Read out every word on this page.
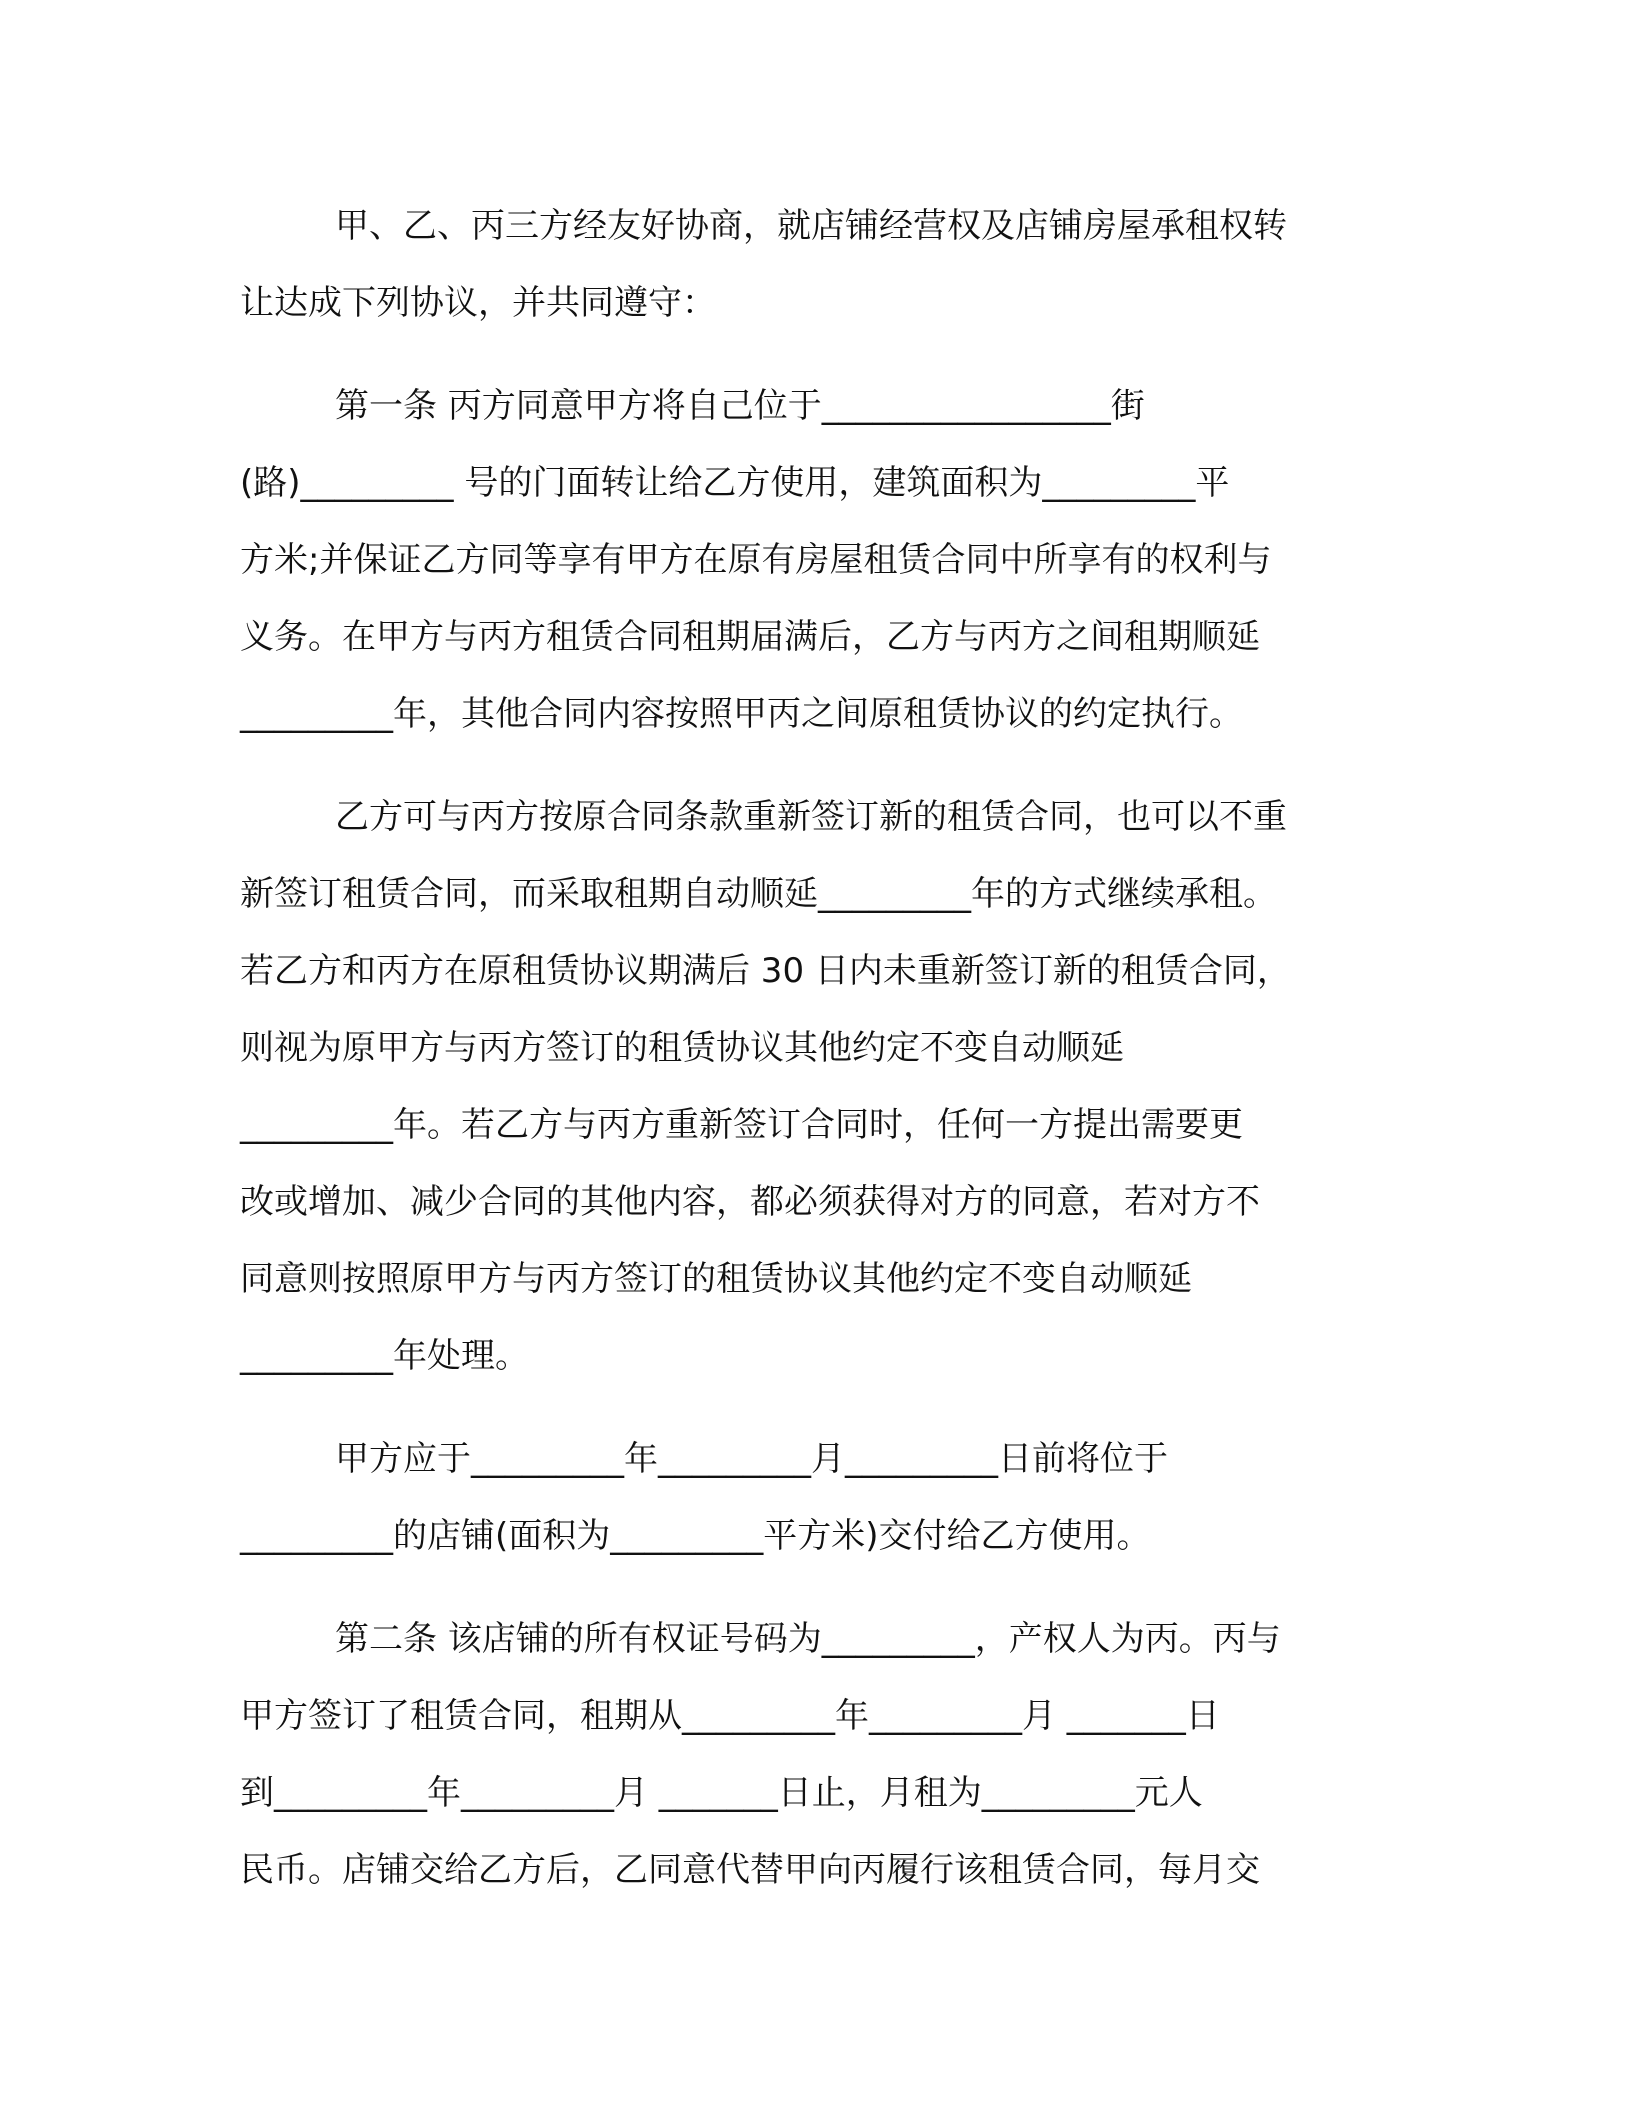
甲、乙、丙三方经友好协商，就店铺经营权及店铺房屋承租权转
让达成下列协议，并共同遵守：
第一条 丙方同意甲方将自己位于_________________街
(路)_________ 号的门面转让给乙方使用，建筑面积为_________平
方米;并保证乙方同等享有甲方在原有房屋租赁合同中所享有的权利与
义务。在甲方与丙方租赁合同租期届满后，乙方与丙方之间租期顺延
_________年，其他合同内容按照甲丙之间原租赁协议的约定执行。
乙方可与丙方按原合同条款重新签订新的租赁合同，也可以不重
新签订租赁合同，而采取租期自动顺延_________年的方式继续承租。
若乙方和丙方在原租赁协议期满后 30 日内未重新签订新的租赁合同，
则视为原甲方与丙方签订的租赁协议其他约定不变自动顺延
_________年。若乙方与丙方重新签订合同时，任何一方提出需要更
改或增加、减少合同的其他内容，都必须获得对方的同意，若对方不
同意则按照原甲方与丙方签订的租赁协议其他约定不变自动顺延
_________年处理。
甲方应于_________年_________月_________日前将位于
_________的店铺(面积为_________平方米)交付给乙方使用。
第二条 该店铺的所有权证号码为_________，产权人为丙。丙与
甲方签订了租赁合同，租期从_________年_________月 _______日
到_________年_________月 _______日止，月租为_________元人
民币。店铺交给乙方后，乙同意代替甲向丙履行该租赁合同，每月交
